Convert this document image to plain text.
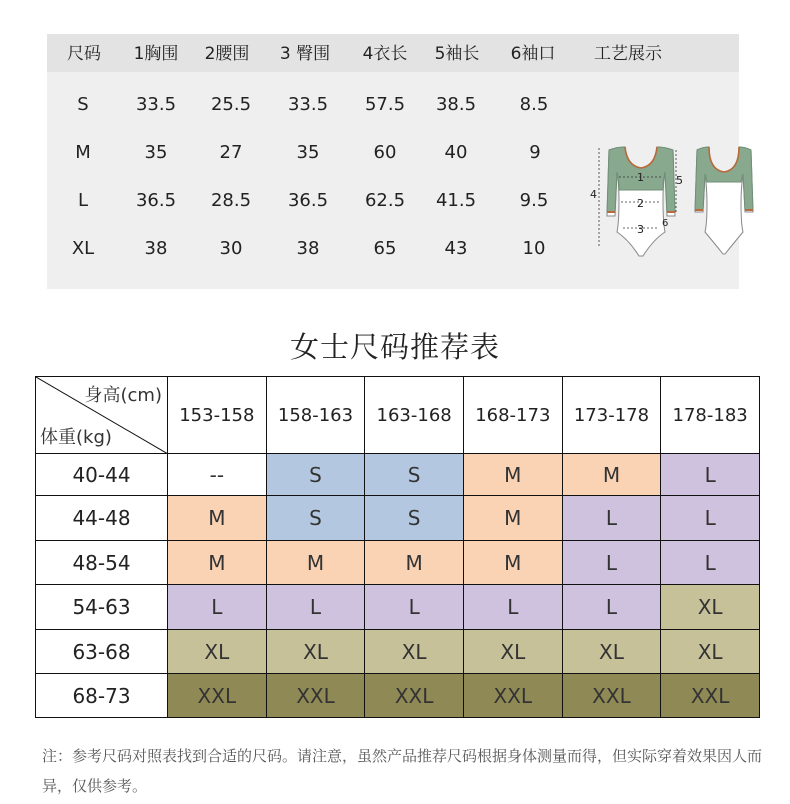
尺码	1胸围	2腰围	3 臀围	4衣长	5袖长	6袖口	工艺展示
S	33.5	25.5	33.5	57.5	38.5	8.5
M	35	27	35	60	40	9
L	36.5	28.5	36.5	62.5	41.5	9.5
XL	38	30	38	65	43	10
1
2
3
4
5
6
女士尺码推荐表
身高(cm)
体重(kg)	153-158	158-163	163-168	168-173	173-178	178-183
40-44	--	S	S	M	M	L
44-48	M	S	S	M	L	L
48-54	M	M	M	M	L	L
54-63	L	L	L	L	L	XL
63-68	XL	XL	XL	XL	XL	XL
68-73	XXL	XXL	XXL	XXL	XXL	XXL
注：参考尺码对照表找到合适的尺码。请注意，虽然产品推荐尺码根据身体测量而得，但实际穿着效果因人而异，仅供参考。
